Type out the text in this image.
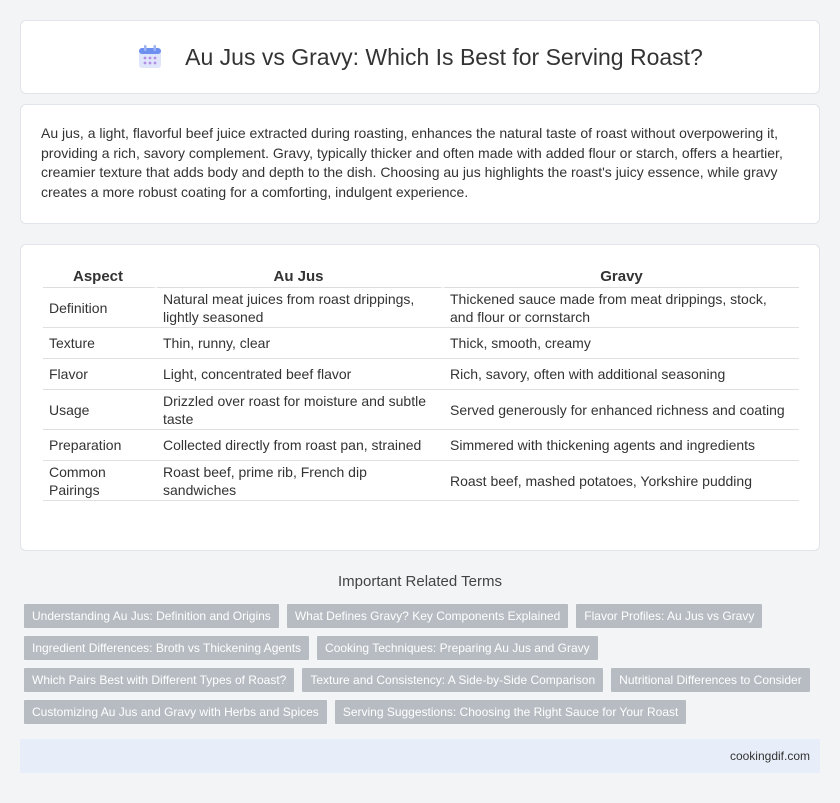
Au Jus vs Gravy: Which Is Best for Serving Roast?

Au jus, a light, flavorful beef juice extracted during roasting, enhances the natural taste of roast without overpowering it, providing a rich, savory complement. Gravy, typically thicker and often made with added flour or starch, offers a heartier, creamier texture that adds body and depth to the dish. Choosing au jus highlights the roast's juicy essence, while gravy creates a more robust coating for a comforting, indulgent experience.

Aspect	Au Jus	Gravy
Definition	Natural meat juices from roast drippings, lightly seasoned	Thickened sauce made from meat drippings, stock, and flour or cornstarch
Texture	Thin, runny, clear	Thick, smooth, creamy
Flavor	Light, concentrated beef flavor	Rich, savory, often with additional seasoning
Usage	Drizzled over roast for moisture and subtle taste	Served generously for enhanced richness and coating
Preparation	Collected directly from roast pan, strained	Simmered with thickening agents and ingredients
Common Pairings	Roast beef, prime rib, French dip sandwiches	Roast beef, mashed potatoes, Yorkshire pudding
Important Related Terms
Understanding Au Jus: Definition and Origins	What Defines Gravy? Key Components Explained	Flavor Profiles: Au Jus vs Gravy
Ingredient Differences: Broth vs Thickening Agents	Cooking Techniques: Preparing Au Jus and Gravy
Which Pairs Best with Different Types of Roast?	Texture and Consistency: A Side-by-Side Comparison	Nutritional Differences to Consider
Customizing Au Jus and Gravy with Herbs and Spices	Serving Suggestions: Choosing the Right Sauce for Your Roast
cookingdif.com
